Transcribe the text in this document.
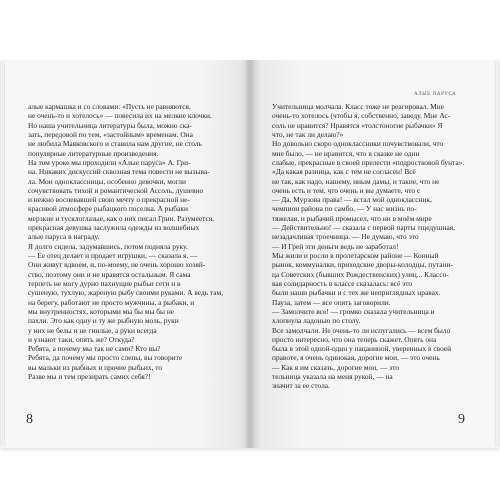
алые кармашка и со словами: «Пусть не равняются,
не очень-то и хотелось» — повесила их на мелкие клочки.
Но нашa учительница литературы была, можно ска-
зать, передовой по тем, «застойным» временам. Она
не любила Маяковского и ставила нам другие, не столь
популярные литературные произведения.
На том уроке мы проходили «Алые паруса» А. Гри-
на. Никаких дискуссий сквозная тема повести не вызыва-
ла. Мои одноклассницы, особенно девочки, могли
сочувствовать тихой и романтической Ассоль, душевно
и нежно воспевавшей свою мечту о прекрасной не-
красивой атмосфере рыбацкого поселка. А рыбаки
мерзкие и тусклоглазые, как о них писал Грин. Разумеется,
прекрасная девушка заслужила одежды из волшебных
алые паруса в награду.
Я долго сидела, задумавшись, потом подняла руку.
— Ее отец делает и продает игрушки, — сказала я. —
Они живут вдвоем, и, по-моему, не очень хорошо хозяй-
ство, поэтому они и не нравятся остальным. Я сама
терпеть не могу дурно пахнущие рыбьи сети и в
сушеную, тухлую, жареную рыбу своими руками. А ведь там,
на берегу, работают не просто мужчины, а рыбаки, и
мы внутренностях, которыми мы бы мы бы не
пахли. Это как одну и ту же рыбную моль, руки
у них не белы и не гнилые, а руки всегда
и узнают таки, опять же? Откуда?
Ребята, а почему мы так не сами? Кто вы?
Ребята, да почему мы просто слепы, вы говорите
вы мальки из рыбных и прочие рыбьих, то
Разве мы и тем презирать самих себя?!
8
АЛЫЕ ПАРУСА
Учительница молчала. Класс тоже не реагировал. Мне
очень-то хотелось (чтобы я, собственно, заведу. Мне Ас-
соль не нравится? Нравятся «толстоногие рыбачки» Я
что, не так ли делаю?»
Но довольно скоро одноклассники почувствовали, что
мне было, — не нравится, что в сказке не одни
слабые, прекрасные в своей прелести «подростковой бунта».
«Да какая разница, как с тем не согласен! Всё
не так, как надо, нашему, иным дамы, и такие, что не
очень есть и тем, что очень и вы думаете, что с
— Да, Мурзова права! — встал мой одноклассник,
чемпион района по самбо. — У нас жизнь по-
тяжелая, и рыбачий промысел, что ни в моём мире
— Действительно! — сказала с первой парты тщедушная,
незадачливая троечница. — Не думаю, что это
— И Грей эти деньги ведь не заработал!
Мы жили и росли в пролетарском районе — Конный
рынок, коммуналки, приходские дворы-колодцы, путани-
ца Советских (бывших Рождественских) улиц... Классо-
вая солидарность в классе сказалась: всё это
были наши рыбачки и с тех же неприглядных нравах.
Пауза, затем — все опять заговорили.
— Замолчите все! — громко сказала учительница и
хлопнула ладонью по столу.
Все замолчали. Не очень-то ли испугались — всем было
просто интересно, что она теперь скажет. Опять она
была в этой одной-один у пацаниной, уверенных в своей
правоте, я очень одинокая, дорогие мои, — это очень
— Как я им сказать, дорогие мои, — это
тельница указала на меня рукой, — на
значит за ее стола.
9
